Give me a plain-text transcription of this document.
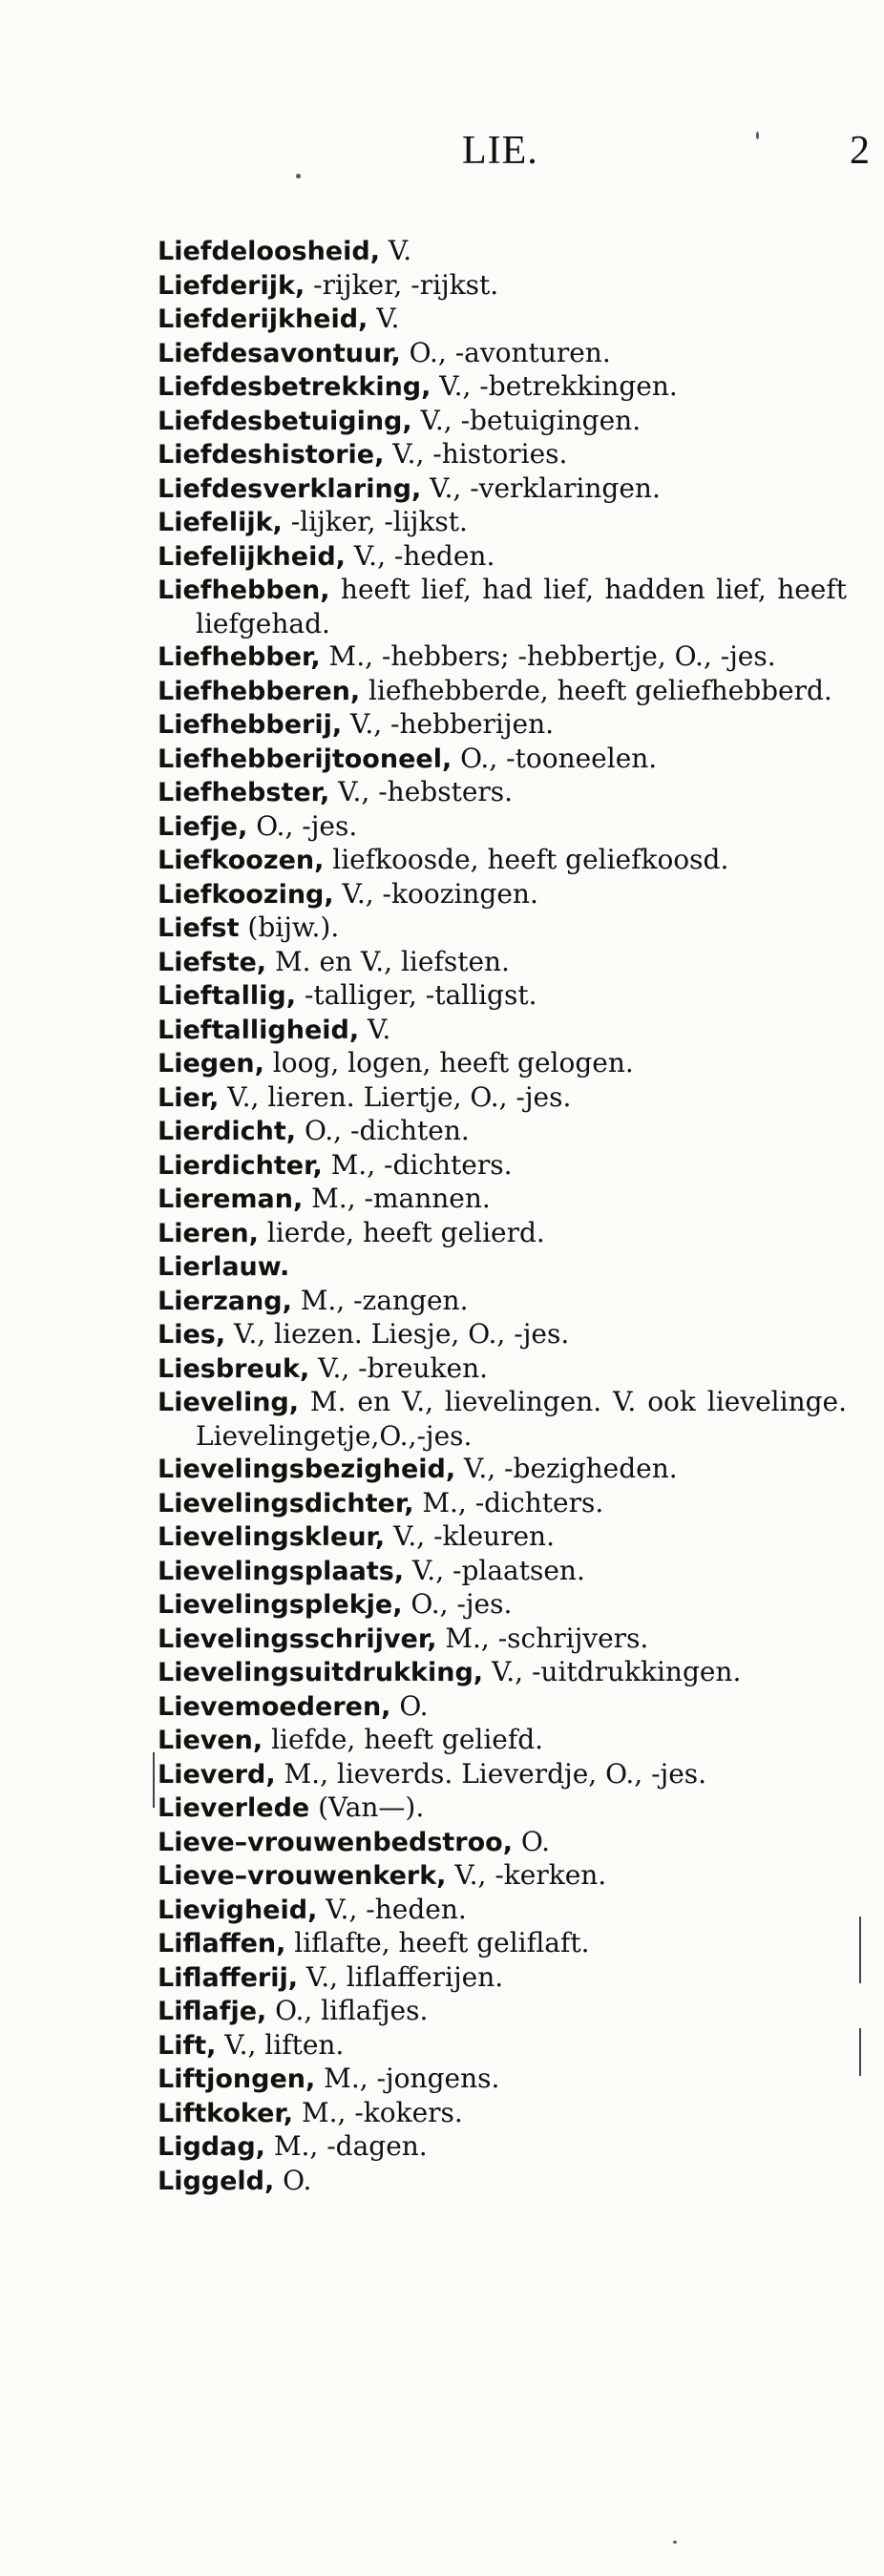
LIE.	2
Liefdeloosheid, V.
Liefderijk, -rijker, -rijkst.
Liefderijkheid, V.
Liefdesavontuur, O., -avonturen.
Liefdesbetrekking, V., -betrekkingen.
Liefdesbetuiging, V., -betuigingen.
Liefdeshistorie, V., -histories.
Liefdesverklaring, V., -verklaringen.
Liefelijk, -lijker, -lijkst.
Liefelijkheid, V., -heden.
Liefhebben, heeft lief, had lief, hadden lief, heeft liefgehad.
Liefhebber, M., -hebbers; -hebbertje, O., -jes.
Liefhebberen, liefhebberde, heeft geliefhebberd.
Liefhebberij, V., -hebberijen.
Liefhebberijtooneel, O., -tooneelen.
Liefhebster, V., -hebsters.
Liefje, O., -jes.
Liefkoozen, liefkoosde, heeft geliefkoosd.
Liefkoozing, V., -koozingen.
Liefst (bijw.).
Liefste, M. en V., liefsten.
Lieftallig, -talliger, -talligst.
Lieftalligheid, V.
Liegen, loog, logen, heeft gelogen.
Lier, V., lieren. Liertje, O., -jes.
Lierdicht, O., -dichten.
Lierdichter, M., -dichters.
Liereman, M., -mannen.
Lieren, lierde, heeft gelierd.
Lierlauw.
Lierzang, M., -zangen.
Lies, V., liezen. Liesje, O., -jes.
Liesbreuk, V., -breuken.
Lieveling, M. en V., lievelingen. V. ook lievelinge. Lievelingetje,O.,-jes.
Lievelingsbezigheid, V., -bezigheden.
Lievelingsdichter, M., -dichters.
Lievelingskleur, V., -kleuren.
Lievelingsplaats, V., -plaatsen.
Lievelingsplekje, O., -jes.
Lievelingsschrijver, M., -schrijvers.
Lievelingsuitdrukking, V., -uitdrukkingen.
Lievemoederen, O.
Lieven, liefde, heeft geliefd.
Lieverd, M., lieverds. Lieverdje, O., -jes.
Lieverlede (Van—).
Lieve–vrouwenbedstroo, O.
Lieve–vrouwenkerk, V., -kerken.
Lievigheid, V., -heden.
Liflaffen, liflafte, heeft geliflaft.
Liflafferij, V., liflafferijen.
Liflafje, O., liflafjes.
Lift, V., liften.
Liftjongen, M., -jongens.
Liftkoker, M., -kokers.
Ligdag, M., -dagen.
Liggeld, O.
